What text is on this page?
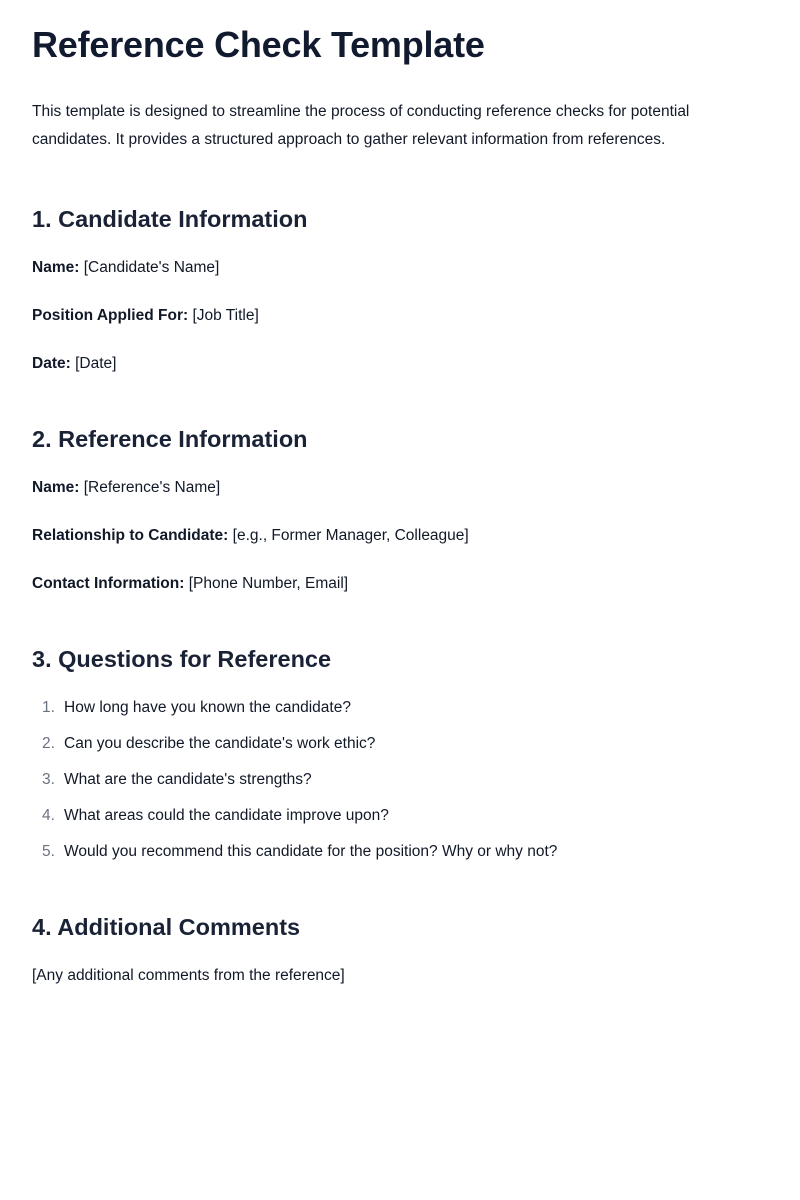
Reference Check Template

This template is designed to streamline the process of conducting reference checks for potential candidates. It provides a structured approach to gather relevant information from references.

1. Candidate Information

Name: [Candidate's Name]

Position Applied For: [Job Title]

Date: [Date]

2. Reference Information

Name: [Reference's Name]

Relationship to Candidate: [e.g., Former Manager, Colleague]

Contact Information: [Phone Number, Email]

3. Questions for Reference
1. How long have you known the candidate?
2. Can you describe the candidate's work ethic?
3. What are the candidate's strengths?
4. What areas could the candidate improve upon?
5. Would you recommend this candidate for the position? Why or why not?
4. Additional Comments

[Any additional comments from the reference]
